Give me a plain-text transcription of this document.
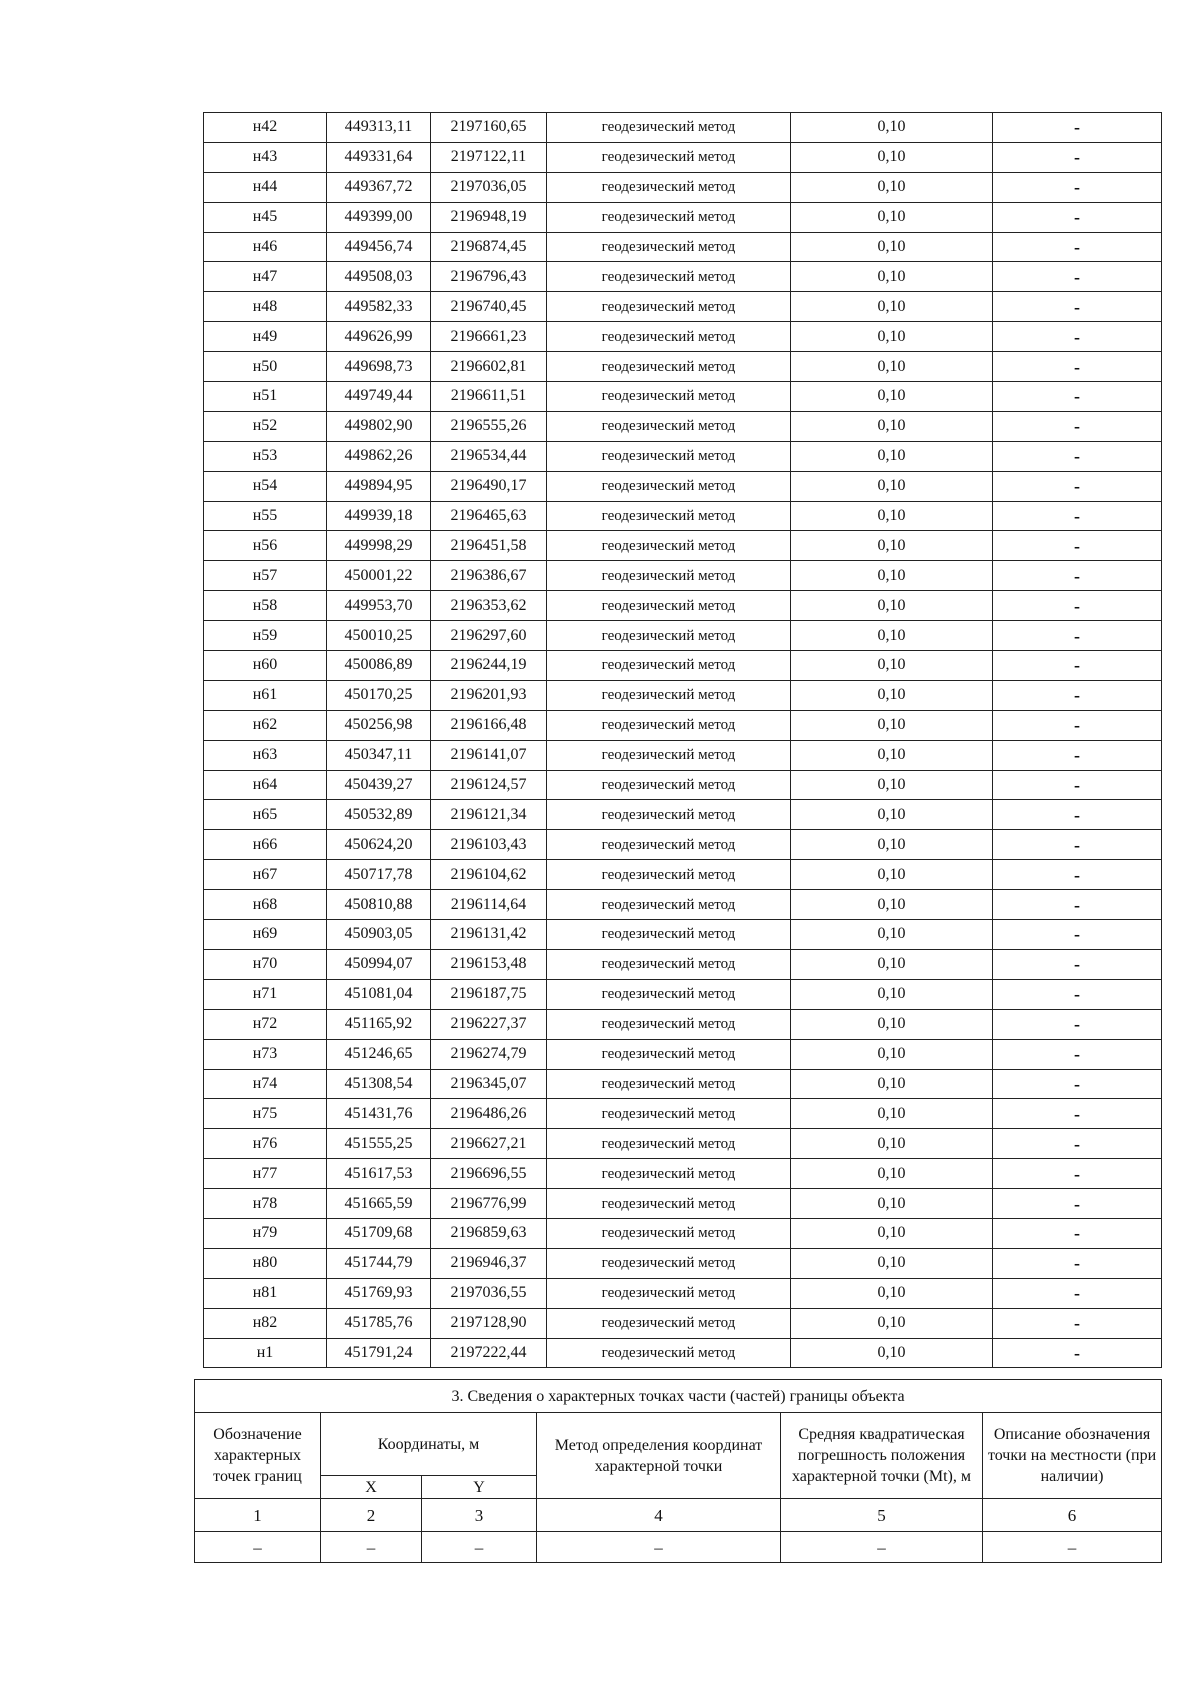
н42	449313,11	2197160,65	геодезический метод	0,10	-
н43	449331,64	2197122,11	геодезический метод	0,10	-
н44	449367,72	2197036,05	геодезический метод	0,10	-
н45	449399,00	2196948,19	геодезический метод	0,10	-
н46	449456,74	2196874,45	геодезический метод	0,10	-
н47	449508,03	2196796,43	геодезический метод	0,10	-
н48	449582,33	2196740,45	геодезический метод	0,10	-
н49	449626,99	2196661,23	геодезический метод	0,10	-
н50	449698,73	2196602,81	геодезический метод	0,10	-
н51	449749,44	2196611,51	геодезический метод	0,10	-
н52	449802,90	2196555,26	геодезический метод	0,10	-
н53	449862,26	2196534,44	геодезический метод	0,10	-
н54	449894,95	2196490,17	геодезический метод	0,10	-
н55	449939,18	2196465,63	геодезический метод	0,10	-
н56	449998,29	2196451,58	геодезический метод	0,10	-
н57	450001,22	2196386,67	геодезический метод	0,10	-
н58	449953,70	2196353,62	геодезический метод	0,10	-
н59	450010,25	2196297,60	геодезический метод	0,10	-
н60	450086,89	2196244,19	геодезический метод	0,10	-
н61	450170,25	2196201,93	геодезический метод	0,10	-
н62	450256,98	2196166,48	геодезический метод	0,10	-
н63	450347,11	2196141,07	геодезический метод	0,10	-
н64	450439,27	2196124,57	геодезический метод	0,10	-
н65	450532,89	2196121,34	геодезический метод	0,10	-
н66	450624,20	2196103,43	геодезический метод	0,10	-
н67	450717,78	2196104,62	геодезический метод	0,10	-
н68	450810,88	2196114,64	геодезический метод	0,10	-
н69	450903,05	2196131,42	геодезический метод	0,10	-
н70	450994,07	2196153,48	геодезический метод	0,10	-
н71	451081,04	2196187,75	геодезический метод	0,10	-
н72	451165,92	2196227,37	геодезический метод	0,10	-
н73	451246,65	2196274,79	геодезический метод	0,10	-
н74	451308,54	2196345,07	геодезический метод	0,10	-
н75	451431,76	2196486,26	геодезический метод	0,10	-
н76	451555,25	2196627,21	геодезический метод	0,10	-
н77	451617,53	2196696,55	геодезический метод	0,10	-
н78	451665,59	2196776,99	геодезический метод	0,10	-
н79	451709,68	2196859,63	геодезический метод	0,10	-
н80	451744,79	2196946,37	геодезический метод	0,10	-
н81	451769,93	2197036,55	геодезический метод	0,10	-
н82	451785,76	2197128,90	геодезический метод	0,10	-
н1	451791,24	2197222,44	геодезический метод	0,10	-
3. Сведения о характерных точках части (частей) границы объекта					
Обозначение характерных точек границ	Координаты, м		Метод определения координат характерной точки	Средняя квадратическая погрешность положения характерной точки (Mt), м	Описание обозначения точки на местности (при наличии)
	X	Y			
1	2	3	4	5	6
–	–	–	–	–	–
